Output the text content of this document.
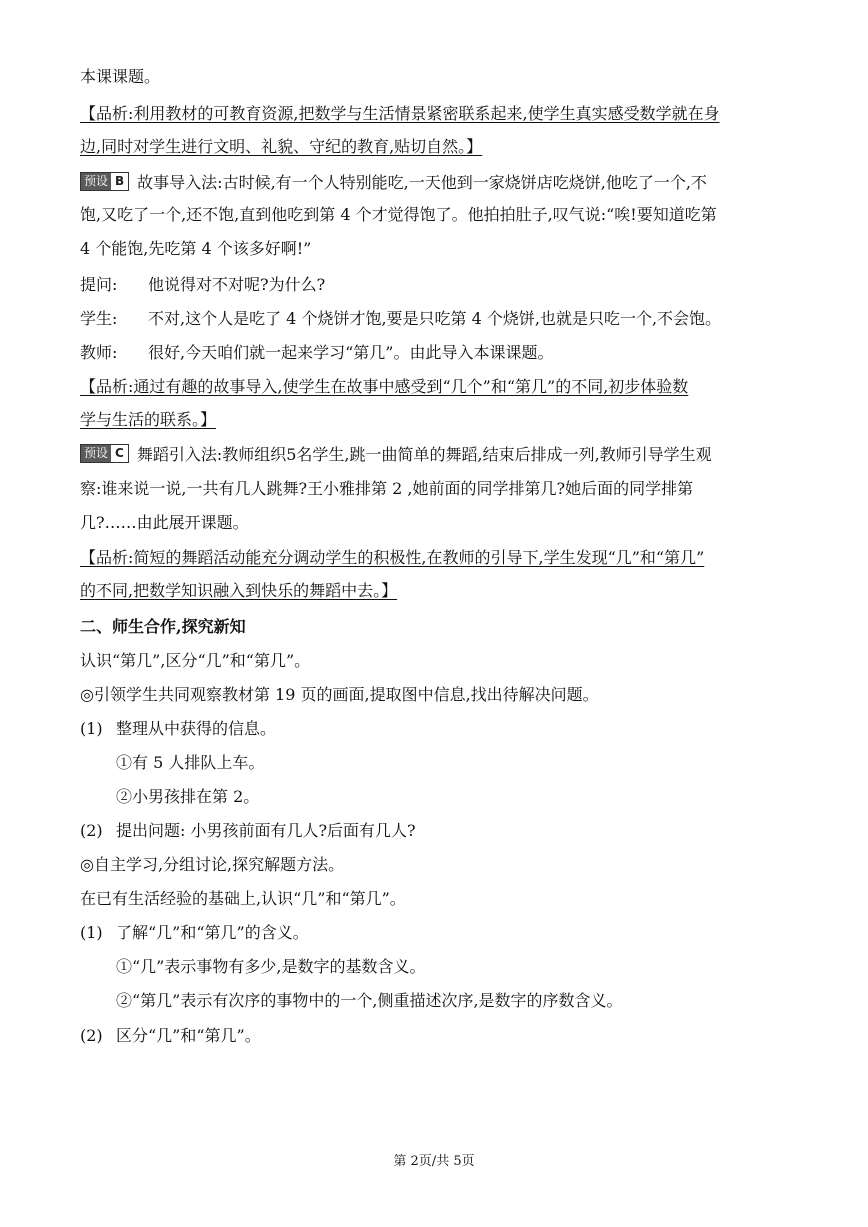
本课课题。
【品析:利用教材的可教育资源,把数学与生活情景紧密联系起来,使学生真实感受数学就在身
边,同时对学生进行文明、礼貌、守纪的教育,贴切自然。】
预设 B 故事导入法:古时候,有一个人特别能吃,一天他到一家烧饼店吃烧饼,他吃了一个,不
饱,又吃了一个,还不饱,直到他吃到第 4 个才觉得饱了。他拍拍肚子,叹气说:“唉!要知道吃第
4 个能饱,先吃第 4 个该多好啊!”
提问: 他说得对不对呢?为什么?
学生: 不对,这个人是吃了 4 个烧饼才饱,要是只吃第 4 个烧饼,也就是只吃一个,不会饱。
教师: 很好,今天咱们就一起来学习“第几”。由此导入本课课题。
【品析:通过有趣的故事导入,使学生在故事中感受到“几个”和“第几”的不同,初步体验数
学与生活的联系。】
预设 C 舞蹈引入法:教师组织5名学生,跳一曲简单的舞蹈,结束后排成一列,教师引导学生观
察:谁来说一说,一共有几人跳舞?王小雅排第 2 ,她前面的同学排第几?她后面的同学排第
几?……由此展开课题。
【品析:简短的舞蹈活动能充分调动学生的积极性,在教师的引导下,学生发现“几”和“第几”
的不同,把数学知识融入到快乐的舞蹈中去。】
二、师生合作,探究新知
认识“第几”,区分“几”和“第几”。
◎引领学生共同观察教材第 19 页的画面,提取图中信息,找出待解决问题。
(1) 整理从中获得的信息。
①有 5 人排队上车。
②小男孩排在第 2。
(2) 提出问题: 小男孩前面有几人?后面有几人?
◎自主学习,分组讨论,探究解题方法。
在已有生活经验的基础上,认识“几”和“第几”。
(1) 了解“几”和“第几”的含义。
①“几”表示事物有多少,是数字的基数含义。
②“第几”表示有次序的事物中的一个,侧重描述次序,是数字的序数含义。
(2) 区分“几”和“第几”。
第 2页/共 5页
